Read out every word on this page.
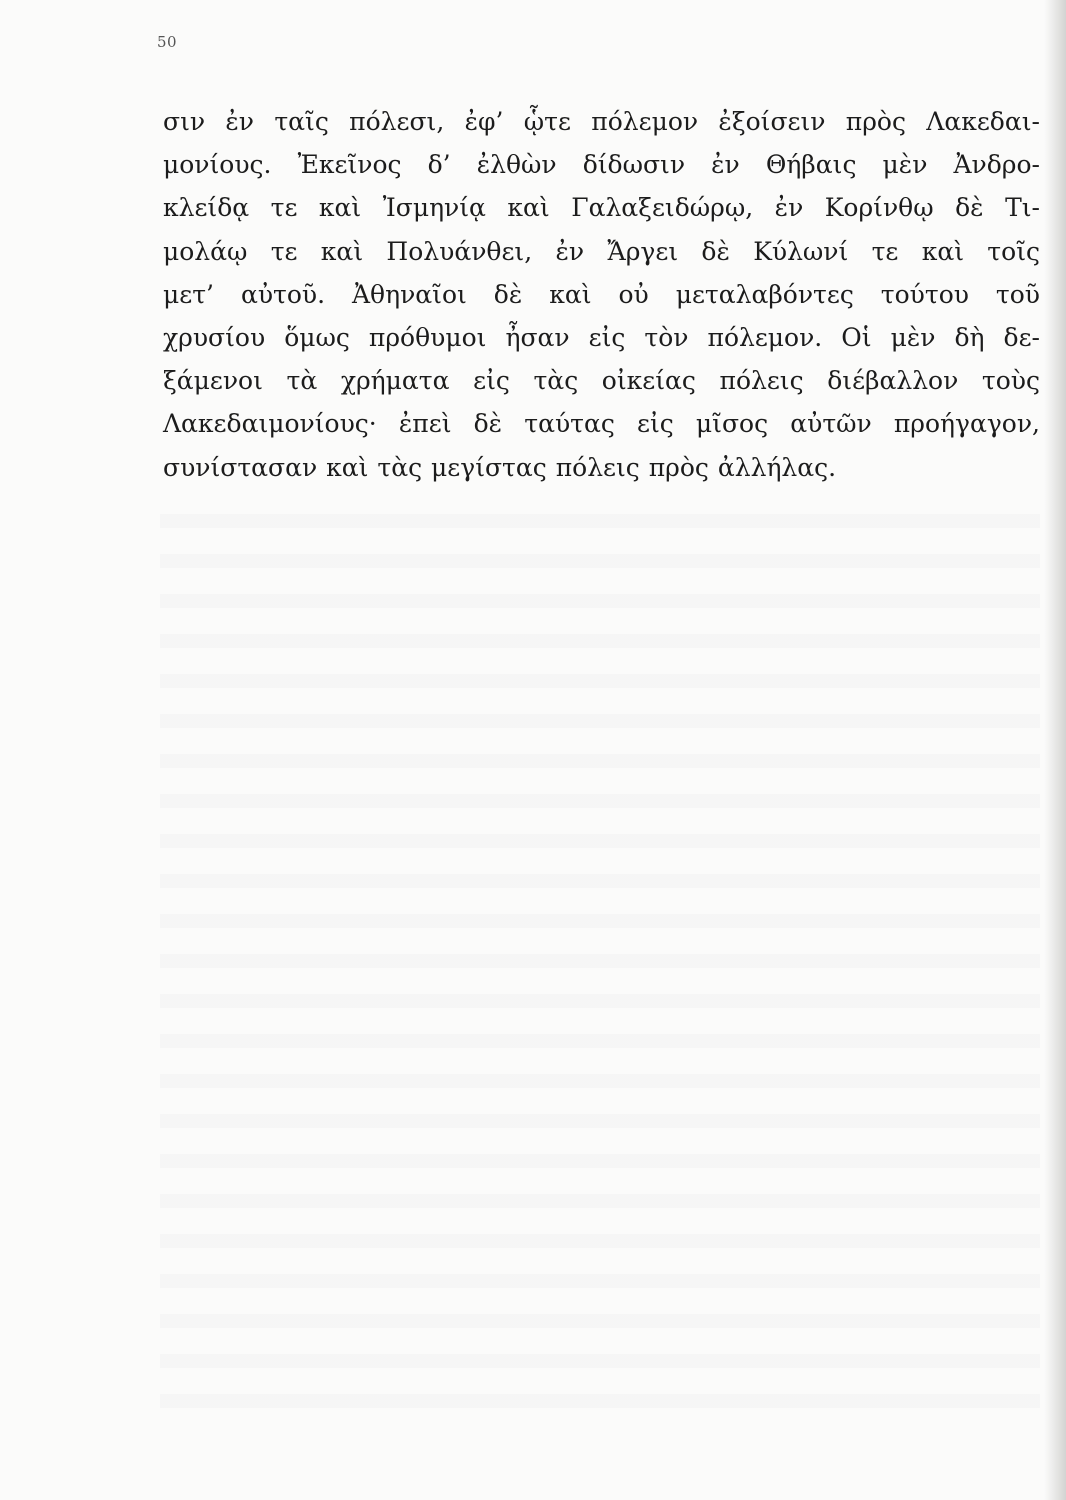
50
σιν ἐν ταῖς πόλεσι, ἐφ’ ᾧτε πόλεμον ἐξοίσειν πρὸς Λακεδαι-
μονίους. Ἐκεῖνος δ’ ἐλθὼν δίδωσιν ἐν Θήβαις μὲν Ἀνδρο-
κλείδᾳ τε καὶ Ἰσμηνίᾳ καὶ Γαλαξειδώρῳ, ἐν Κορίνθῳ δὲ Τι-
μολάῳ τε καὶ Πολυάνθει, ἐν Ἄργει δὲ Κύλωνί τε καὶ τοῖς
μετ’ αὐτοῦ. Ἀθηναῖοι δὲ καὶ οὐ μεταλαβόντες τούτου τοῦ
χρυσίου ὅμως πρόθυμοι ἦσαν εἰς τὸν πόλεμον. Οἱ μὲν δὴ δε-
ξάμενοι τὰ χρήματα εἰς τὰς οἰκείας πόλεις διέβαλλον τοὺς
Λακεδαιμονίους· ἐπεὶ δὲ ταύτας εἰς μῖσος αὐτῶν προήγαγον,
συνίστασαν καὶ τὰς μεγίστας πόλεις πρὸς ἀλλήλας.
